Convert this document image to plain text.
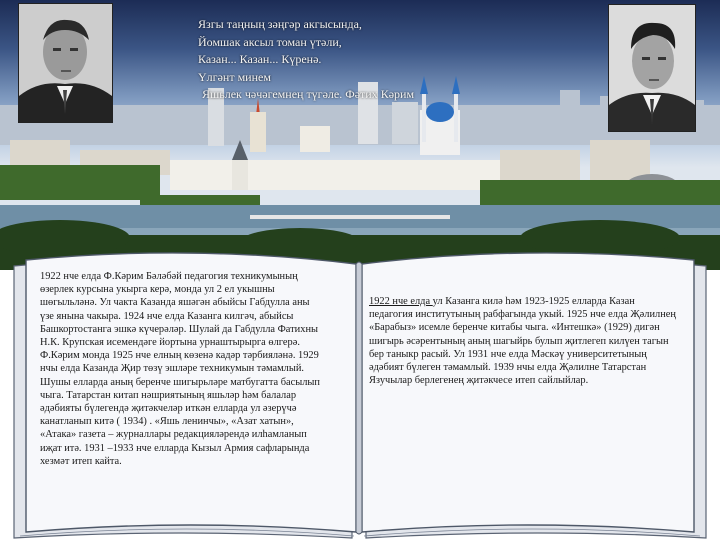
Язгы таңның зәңгәр акгысында,
Йомшак аксыл томан үтәли,
Казан... Казан... Күренә.
Үлгәнт минем
Яшьлек чәчәгемнең түгәле. Фәтих Кәрим
1922 нче елда Ф.Кәрим Бәләбәй педагогия техникумының өзерлек курсына укырга керә, монда ул 2 ел укышны шөгыльләнә. Ул чакта Казанда яшәгән абыйсы Габдулла аны үзе янына чакыра. 1924 нче елда Казанга килгәч, абыйсы Башкортостанга эшкә күчерәләр. Шулай да Габдулла Фатихны Н.К. Крупская исемендәге йортына урнаштырырга өлгерә. Ф.Кәрим монда 1925 нче елның көзенә кадәр тәрбияләнә. 1929 нчы елда Казанда Җир төзү эшләре техникумын тәмамлый. Шушы елларда аның беренче шигырьләре матбугатта басылып чыга. Татарстан китап нәшриятының яшьләр һәм балалар әдәбияты бүлегендә җитәкчеләр иткән елларда ул әзерүчә канатланып китә ( 1934) . «Яшь ленинчы», «Азат хатын», «Атака» газета – журналлары редакцияләрендә илһамланып иҗат итә. 1931 –1933 нче елларда Кызыл Армия сафларында хезмәт итеп кайта.
1922 нче елда ул Казанга килә һәм 1923-1925 елларда Казан педагогия институтының рабфагында укый. 1925 нче елда Җәлилнең «Барабыз» исемле беренче китабы чыга. «Интешкә» (1929) дигән шигырь әсәрентының аның шагыйрь булып җитлегеп килүен тагын бер таныкр расый. Ул 1931 нче елда Мәскәү университетының әдәбият бүлеген тәмамлый. 1939 нчы елда Җәлилне Татарстан Язучылар берлегенең җитәкчесе итеп сайлыйлар.
